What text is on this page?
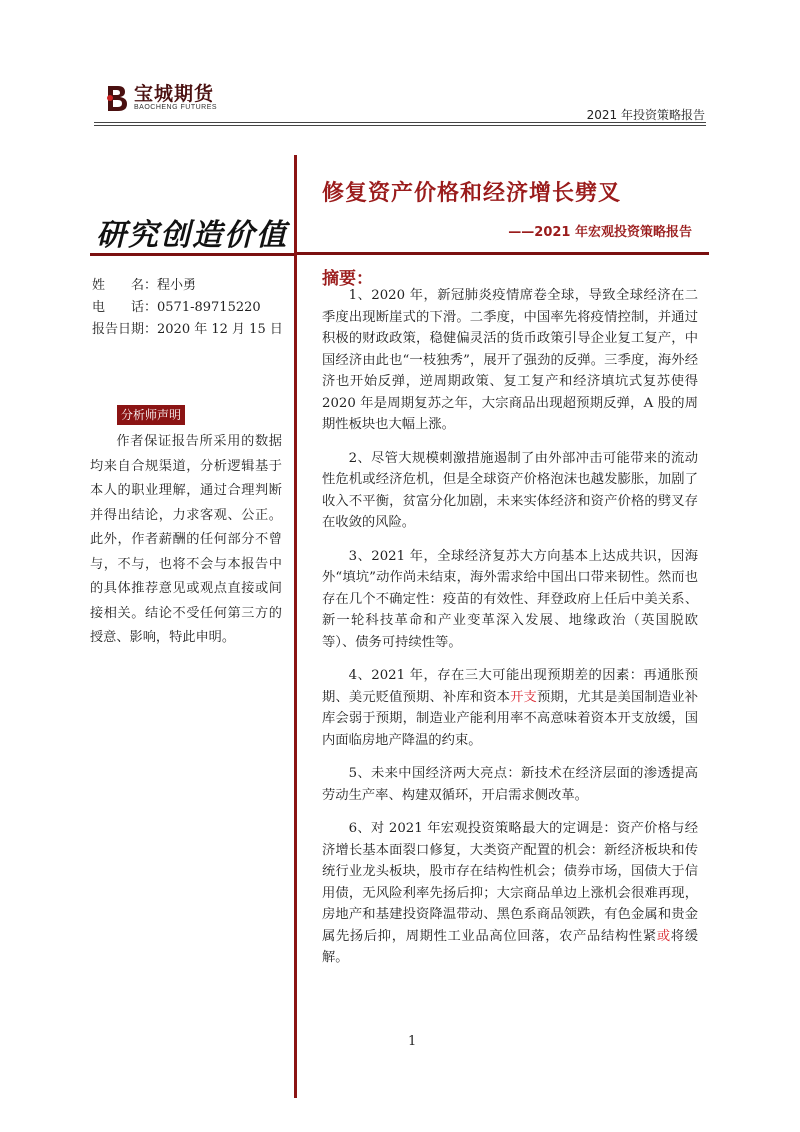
宝城期货
BAOCHENG FUTURES
2021 年投资策略报告
研究创造价值
修复资产价格和经济增长劈叉
——2021 年宏观投资策略报告
姓　　名： 程小勇
电　　话： 0571-89715220
报告日期： 2020 年 12 月 15 日
分析师声明
作者保证报告所采用的数据均来自合规渠道，分析逻辑基于本人的职业理解，通过合理判断并得出结论，力求客观、公正。此外，作者薪酬的任何部分不曾与，不与，也将不会与本报告中的具体推荐意见或观点直接或间接相关。结论不受任何第三方的授意、影响，特此申明。
摘要：

1、2020 年，新冠肺炎疫情席卷全球，导致全球经济在二季度出现断崖式的下滑。二季度，中国率先将疫情控制，并通过积极的财政政策，稳健偏灵活的货币政策引导企业复工复产，中国经济由此也“一枝独秀”，展开了强劲的反弹。三季度，海外经济也开始反弹，逆周期政策、复工复产和经济填坑式复苏使得 2020 年是周期复苏之年，大宗商品出现超预期反弹，A 股的周期性板块也大幅上涨。

2、尽管大规模刺激措施遏制了由外部冲击可能带来的流动性危机或经济危机，但是全球资产价格泡沫也越发膨胀，加剧了收入不平衡，贫富分化加剧，未来实体经济和资产价格的劈叉存在收敛的风险。

3、2021 年，全球经济复苏大方向基本上达成共识，因海外“填坑”动作尚未结束，海外需求给中国出口带来韧性。然而也存在几个不确定性：疫苗的有效性、拜登政府上任后中美关系、新一轮科技革命和产业变革深入发展、地缘政治（英国脱欧等）、债务可持续性等。

4、2021 年，存在三大可能出现预期差的因素：再通胀预期、美元贬值预期、补库和资本开支预期，尤其是美国制造业补库会弱于预期，制造业产能利用率不高意味着资本开支放缓，国内面临房地产降温的约束。

5、未来中国经济两大亮点：新技术在经济层面的渗透提高劳动生产率、构建双循环，开启需求侧改革。

6、对 2021 年宏观投资策略最大的定调是：资产价格与经济增长基本面裂口修复，大类资产配置的机会：新经济板块和传统行业龙头板块，股市存在结构性机会；债券市场，国债大于信用债，无风险利率先扬后抑；大宗商品单边上涨机会很难再现，房地产和基建投资降温带动、黑色系商品领跌，有色金属和贵金属先扬后抑，周期性工业品高位回落，农产品结构性紧或将缓解。

1
